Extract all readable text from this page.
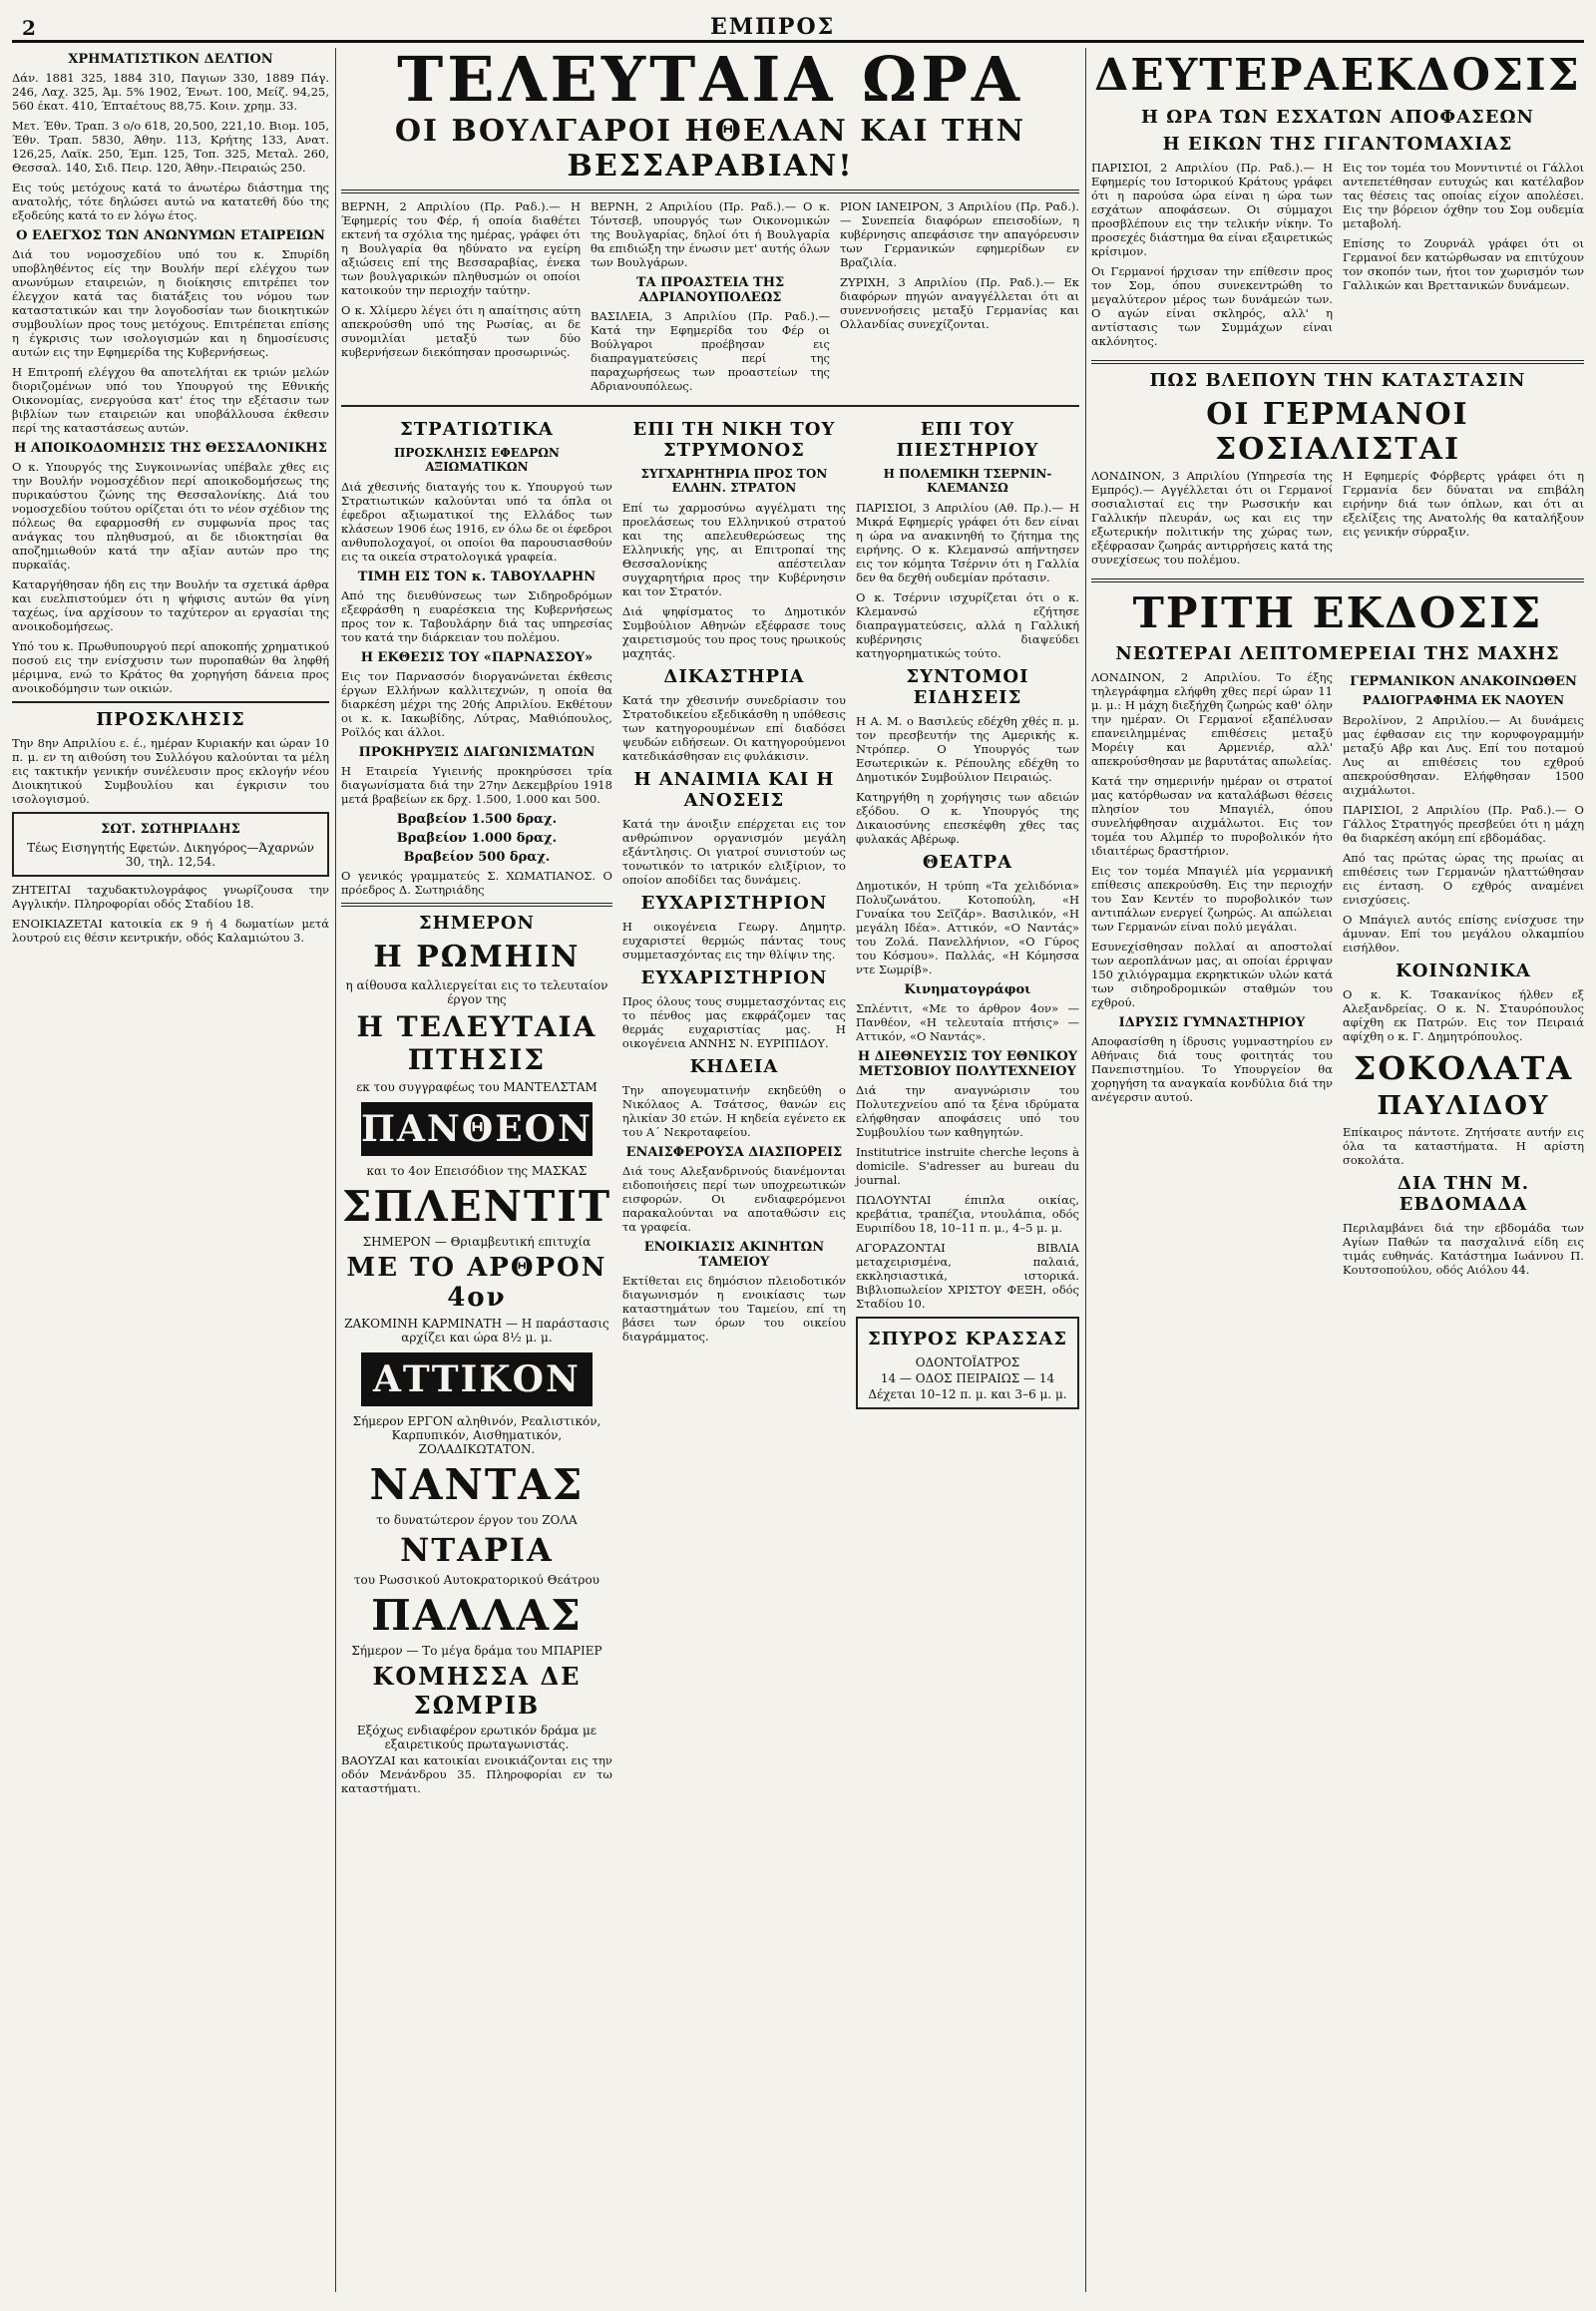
2	ΕΜΠΡΟΣ
ΧΡΗΜΑΤΙΣΤΙΚΟΝ ΔΕΛΤΙΟΝ

Δάν. 1881 325, 1884 310, Παγιων 330, 1889 Πάγ. 246, Λαχ. 325, Άμ. 5% 1902, Ένωτ. 100, Μείζ. 94,25, 560 έκατ. 410, Έπταέτους 88,75. Κοιν. χρημ. 33.

Μετ. Έθν. Τραπ. 3 ο/ο 618, 20,500, 221,10. Βιομ. 105, Έθν. Τραπ. 5830, Άθην. 113, Κρήτης 133, Ανατ. 126,25, Λαϊκ. 250, Έμπ. 125, Τοπ. 325, Μεταλ. 260, Θεσσαλ. 140, Σιδ. Πειρ. 120, Άθην.-Πειραιώς 250.

Εις τούς μετόχους κατά το άνωτέρω διάστημα της ανατολής, τότε δηλώσει αυτώ να κατατεθή δύο της εξοδεύης κατά το εν λόγω έτος.

Ο ΕΛΕΓΧΟΣ ΤΩΝ ΑΝΩΝΥΜΩΝ ΕΤΑΙΡΕΙΩΝ

Διά του νομοσχεδίου υπό του κ. Σπυρίδη υποβληθέντος είς την Βουλήν περί ελέγχου των ανωνύμων εταιρειών, η διοίκησις επιτρέπει τον έλεγχον κατά τας διατάξεις του νόμου των καταστατικών και την λογοδοσίαν των διοικητικών συμβουλίων προς τους μετόχους. Επιτρέπεται επίσης η έγκρισις των ισολογισμών και η δημοσίευσις αυτών εις την Εφημερίδα της Κυβερνήσεως.

Η Επιτροπή ελέγχου θα αποτελήται εκ τριών μελών διοριζομένων υπό του Υπουργού της Εθνικής Οικονομίας, ενεργούσα κατ' έτος την εξέτασιν των βιβλίων των εταιρειών και υποβάλλουσα έκθεσιν περί της καταστάσεως αυτών.

Η ΑΠΟΙΚΟΔΟΜΗΣΙΣ ΤΗΣ ΘΕΣΣΑΛΟΝΙΚΗΣ

Ο κ. Υπουργός της Συγκοινωνίας υπέβαλε χθες εις την Βουλήν νομοσχέδιον περί αποικοδομήσεως της πυρικαύστου ζώνης της Θεσσαλονίκης. Διά του νομοσχεδίου τούτου ορίζεται ότι το νέον σχέδιον της πόλεως θα εφαρμοσθή εν συμφωνία προς τας ανάγκας του πληθυσμού, αι δε ιδιοκτησίαι θα αποζημιωθούν κατά την αξίαν αυτών προ της πυρκαϊάς.

Καταργήθησαν ήδη εις την Βουλήν τα σχετικά άρθρα και ευελπιστούμεν ότι η ψήφισις αυτών θα γίνη ταχέως, ίνα αρχίσουν το ταχύτερον αι εργασίαι της ανοικοδομήσεως.

Υπό του κ. Πρωθυπουργού περί αποκοπής χρηματικού ποσού εις την ενίσχυσιν των πυροπαθών θα ληφθή μέριμνα, ενώ το Κράτος θα χορηγήση δάνεια προς ανοικοδόμησιν των οικιών.

ΠΡΟΣΚΛΗΣΙΣ

Την 8ην Απριλίου ε. έ., ημέραν Κυριακήν και ώραν 10 π. μ. εν τη αιθούση του Συλλόγου καλούνται τα μέλη εις τακτικήν γενικήν συνέλευσιν προς εκλογήν νέου Διοικητικού Συμβουλίου και έγκρισιν του ισολογισμού.

ΣΩΤ. ΣΩΤΗΡΙΑΔΗΣ
Τέως Εισηγητής Εφετών. Δικηγόρος—Άχαρνών 30, τηλ. 12,54.

ΖΗΤΕΙΤΑΙ ταχυδακτυλογράφος γνωρίζουσα την Αγγλικήν. Πληροφορίαι οδός Σταδίου 18.

ΕΝΟΙΚΙΑΖΕΤΑΙ κατοικία εκ 9 ή 4 δωματίων μετά λουτρού εις θέσιν κεντρικήν, οδός Καλαμιώτου 3.

ΤΕΛΕΥΤΑΙΑ ΩΡΑ
ΟΙ ΒΟΥΛΓΑΡΟΙ ΗΘΕΛΑΝ ΚΑΙ ΤΗΝ ΒΕΣΣΑΡΑΒΙΑΝ!

ΒΕΡΝΗ, 2 Απριλίου (Πρ. Ραδ.).— Η Έφημερίς του Φέρ, ή οποία διαθέτει εκτενή τα σχόλια της ημέρας, γράφει ότι η Βουλγαρία θα ηδύνατο να εγείρη αξιώσεις επί της Βεσσαραβίας, ένεκα των βουλγαρικών πληθυσμών οι οποίοι κατοικούν την περιοχήν ταύτην.

Ο κ. Χλίμερυ λέγει ότι η απαίτησις αύτη απεκρούσθη υπό της Ρωσίας, αι δε συνομιλίαι μεταξύ των δύο κυβερνήσεων διεκόπησαν προσωρινώς.

ΒΕΡΝΗ, 2 Απριλίου (Πρ. Ραδ.).— Ο κ. Τόντσεβ, υπουργός των Οικονομικών της Βουλγαρίας, δηλοί ότι ή Βουλγαρία θα επιδιώξη την ένωσιν μετ' αυτής όλων των Βουλγάρων.

ΤΑ ΠΡΟΑΣΤΕΙΑ ΤΗΣ ΑΔΡΙΑΝΟΥΠΟΛΕΩΣ

ΒΑΣΙΛΕΙΑ, 3 Απριλίου (Πρ. Ραδ.).— Κατά την Εφημερίδα του Φέρ οι Βούλγαροι προέβησαν εις διαπραγματεύσεις περί της παραχωρήσεως των προαστείων της Αδριανουπόλεως.

ΡΙΟΝ ΙΑΝΕΙΡΟΝ, 3 Απριλίου (Πρ. Ραδ.).— Συνεπεία διαφόρων επεισοδίων, η κυβέρνησις απεφάσισε την απαγόρευσιν των Γερμανικών εφημερίδων εν Βραζιλία.

ΖΥΡΙΧΗ, 3 Απριλίου (Πρ. Ραδ.).— Εκ διαφόρων πηγών αναγγέλλεται ότι αι συνεννοήσεις μεταξύ Γερμανίας και Ολλανδίας συνεχίζονται.

ΣΤΡΑΤΙΩΤΙΚΑ
ΠΡΟΣΚΛΗΣΙΣ ΕΦΕΔΡΩΝ ΑΞΙΩΜΑΤΙΚΩΝ

Διά χθεσινής διαταγής του κ. Υπουργού των Στρατιωτικών καλούνται υπό τα όπλα οι έφεδροι αξιωματικοί της Ελλάδος των κλάσεων 1906 έως 1916, εν όλω δε οι έφεδροι ανθυπολοχαγοί, οι οποίοι θα παρουσιασθούν εις τα οικεία στρατολογικά γραφεία.

ΤΙΜΗ ΕΙΣ ΤΟΝ κ. ΤΑΒΟΥΛΑΡΗΝ

Από της διευθύνσεως των Σιδηροδρόμων εξεφράσθη η ευαρέσκεια της Κυβερνήσεως προς τον κ. Ταβουλάρην διά τας υπηρεσίας του κατά την διάρκειαν του πολέμου.

Η ΕΚΘΕΣΙΣ ΤΟΥ «ΠΑΡΝΑΣΣΟΥ»

Εις τον Παρνασσόν διοργανώνεται έκθεσις έργων Ελλήνων καλλιτεχνών, η οποία θα διαρκέση μέχρι της 20ής Απριλίου. Εκθέτουν οι κ. κ. Ιακωβίδης, Λύτρας, Μαθιόπουλος, Ροϊλός και άλλοι.

ΠΡΟΚΗΡΥΞΙΣ ΔΙΑΓΩΝΙΣΜΑΤΩΝ

Η Εταιρεία Υγιεινής προκηρύσσει τρία διαγωνίσματα διά την 27ην Δεκεμβρίου 1918 μετά βραβείων εκ δρχ. 1.500, 1.000 και 500.

Βραβείον 1.500 δραχ.
Βραβείον 1.000 δραχ.
Βραβείον 500 δραχ.

Ο γενικός γραμματεύς Σ. ΧΩΜΑΤΙΑΝΟΣ. Ο πρόεδρος Δ. Σωτηριάδης

ΣΗΜΕΡΟΝ
Η ΡΩΜΗΙΝ
η αίθουσα καλλιεργείται εις το τελευταίον έργον της
Η ΤΕΛΕΥΤΑΙΑ ΠΤΗΣΙΣ
εκ του συγγραφέως του ΜΑΝΤΕΛΣΤΑΜ
ΠΑΝΘΕΟΝ
και το 4ον Επεισόδιον της ΜΑΣΚΑΣ
ΣΠΛΕΝΤΙΤ
ΣΗΜΕΡΟΝ — Θριαμβευτική επιτυχία
ΜΕ ΤΟ ΑΡΘΡΟΝ 4ον
ΖΑΚΟΜΙΝΗ ΚΑΡΜΙΝΑΤΗ — Η παράστασις αρχίζει και ώρα 8½ μ. μ.
ΑΤΤΙΚΟΝ
Σήμερον ΕΡΓΟΝ αληθινόν, Ρεαλιστικόν, Καρπυπικόν, Αισθηματικόν, ΖΟΛΑΔΙΚΩΤΑΤΟΝ.
ΝΑΝΤΑΣ
το δυνατώτερον έργον του ΖΟΛΑ
ΝΤΑΡΙΑ
του Ρωσσικού Αυτοκρατορικού Θεάτρου
ΠΑΛΛΑΣ
Σήμερον — Το μέγα δράμα του ΜΠΑΡΙΕΡ
ΚΟΜΗΣΣΑ ΔΕ ΣΩΜΡΙΒ
Εξόχως ενδιαφέρον ερωτικόν δράμα με εξαιρετικούς πρωταγωνιστάς.

ΒΑΟΥΖΑΙ και κατοικίαι ενοικιάζονται εις την οδόν Μενάνδρου 35. Πληροφορίαι εν τω καταστήματι.

ΕΠΙ ΤΗ ΝΙΚΗ ΤΟΥ ΣΤΡΥΜΟΝΟΣ
ΣΥΓΧΑΡΗΤΗΡΙΑ ΠΡΟΣ ΤΟΝ ΕΛΛΗΝ. ΣΤΡΑΤΟΝ

Επί τω χαρμοσύνω αγγέλματι της προελάσεως του Ελληνικού στρατού και της απελευθερώσεως της Ελληνικής γης, αι Επιτροπαί της Θεσσαλονίκης απέστειλαν συγχαρητήρια προς την Κυβέρνησιν και τον Στρατόν.

Διά ψηφίσματος το Δημοτικόν Συμβούλιον Αθηνών εξέφρασε τους χαιρετισμούς του προς τους ηρωικούς μαχητάς.

ΔΙΚΑΣΤΗΡΙΑ

Κατά την χθεσινήν συνεδρίασιν του Στρατοδικείου εξεδικάσθη η υπόθεσις των κατηγορουμένων επί διαδόσει ψευδών ειδήσεων. Οι κατηγορούμενοι κατεδικάσθησαν εις φυλάκισιν.

Η ΑΝΑΙΜΙΑ ΚΑΙ Η ΑΝΟΣΕΙΣ

Κατά την άνοιξιν επέρχεται εις τον ανθρώπινον οργανισμόν μεγάλη εξάντλησις. Οι γιατροί συνιστούν ως τονωτικόν το ιατρικόν ελιξίριον, το οποίον αποδίδει τας δυνάμεις.

ΕΥΧΑΡΙΣΤΗΡΙΟΝ

Η οικογένεια Γεωργ. Δημητρ. ευχαριστεί θερμώς πάντας τους συμμετασχόντας εις την θλίψιν της.

ΕΥΧΑΡΙΣΤΗΡΙΟΝ

Προς όλους τους συμμετασχόντας εις το πένθος μας εκφράζομεν τας θερμάς ευχαριστίας μας. Η οικογένεια ΑΝΝΗΣ Ν. ΕΥΡΙΠΙΔΟΥ.

ΚΗΔΕΙΑ

Την απογευματινήν εκηδεύθη ο Νικόλαος Α. Τσάτσος, θανών εις ηλικίαν 30 ετών. Η κηδεία εγένετο εκ του Α΄ Νεκροταφείου.

ΕΝΑΙΣΦΕΡΟΥΣΑ ΔΙΑΣΠΟΡΕΙΣ

Διά τους Αλεξανδρινούς διανέμονται ειδοποιήσεις περί των υποχρεωτικών εισφορών. Οι ενδιαφερόμενοι παρακαλούνται να αποταθώσιν εις τα γραφεία.

ΕΝΟΙΚΙΑΣΙΣ ΑΚΙΝΗΤΩΝ ΤΑΜΕΙΟΥ

Εκτίθεται εις δημόσιον πλειοδοτικόν διαγωνισμόν η ενοικίασις των καταστημάτων του Ταμείου, επί τη βάσει των όρων του οικείου διαγράμματος.

ΕΠΙ ΤΟΥ ΠΙΕΣΤΗΡΙΟΥ
Η ΠΟΛΕΜΙΚΗ ΤΣΕΡΝΙΝ-ΚΛΕΜΑΝΣΩ

ΠΑΡΙΣΙΟΙ, 3 Απριλίου (Αθ. Πρ.).— Η Μικρά Εφημερίς γράφει ότι δεν είναι η ώρα να ανακινηθή το ζήτημα της ειρήνης. Ο κ. Κλεμανσώ απήντησεν εις τον κόμητα Τσέρνιν ότι η Γαλλία δεν θα δεχθή ουδεμίαν πρότασιν.

Ο κ. Τσέρνιν ισχυρίζεται ότι ο κ. Κλεμανσώ εζήτησε διαπραγματεύσεις, αλλά η Γαλλική κυβέρνησις διαψεύδει κατηγορηματικώς τούτο.

ΣΥΝΤΟΜΟΙ ΕΙΔΗΣΕΙΣ

Η Α. Μ. ο Βασιλεύς εδέχθη χθές π. μ. τον πρεσβευτήν της Αμερικής κ. Ντρόπερ. Ο Υπουργός των Εσωτερικών κ. Ρέπουλης εδέχθη το Δημοτικόν Συμβούλιον Πειραιώς.

Κατηργήθη η χορήγησις των αδειών εξόδου. Ο κ. Υπουργός της Δικαιοσύνης επεσκέφθη χθες τας φυλακάς Αβέρωφ.

ΘΕΑΤΡΑ

Δημοτικόν, Η τρύπη «Τα χελιδόνια» Πολυζωνάτου. Κοτοπούλη, «Η Γυναίκα του Σεϊζάρ». Βασιλικόν, «Η μεγάλη Ιδέα». Αττικόν, «Ο Ναντάς» του Ζολά. Πανελλήνιον, «Ο Γύρος του Κόσμου». Παλλάς, «Η Κόμησσα ντε Σωμρίβ».

Κινηματογράφοι

Σπλέντιτ, «Με το άρθρον 4ον» — Πανθέον, «Η τελευταία πτήσις» — Αττικόν, «Ο Ναντάς».

Η ΔΙΕΘΝΕΥΣΙΣ ΤΟΥ ΕΘΝΙΚΟΥ ΜΕΤΣΟΒΙΟΥ ΠΟΛΥΤΕΧΝΕΙΟΥ

Διά την αναγνώρισιν του Πολυτεχνείου από τα ξένα ιδρύματα ελήφθησαν αποφάσεις υπό του Συμβουλίου των καθηγητών.

Institutrice instruite cherche leçons à domicile. S'adresser au bureau du journal.

ΠΩΛΟΥΝΤΑΙ έπιπλα οικίας, κρεβάτια, τραπέζια, ντουλάπια, οδός Ευριπίδου 18, 10–11 π. μ., 4–5 μ. μ.

ΑΓΟΡΑΖΟΝΤΑΙ ΒΙΒΛΙΑ μεταχειρισμένα, παλαιά, εκκλησιαστικά, ιστορικά. Βιβλιοπωλείον ΧΡΙΣΤΟΥ ΦΕΞΗ, οδός Σταδίου 10.

ΣΠΥΡΟΣ ΚΡΑΣΣΑΣ
ΟΔΟΝΤΟΪΑΤΡΟΣ
14 — ΟΔΟΣ ΠΕΙΡΑΙΩΣ — 14
Δέχεται 10–12 π. μ. και 3–6 μ. μ.
ΔΕΥΤΕΡΑΕΚΔΟΣΙΣ
Η ΩΡΑ ΤΩΝ ΕΣΧΑΤΩΝ ΑΠΟΦΑΣΕΩΝ
Η ΕΙΚΩΝ ΤΗΣ ΓΙΓΑΝΤΟΜΑΧΙΑΣ

ΠΑΡΙΣΙΟΙ, 2 Απριλίου (Πρ. Ραδ.).— Η Εφημερίς του Ιστορικού Κράτους γράφει ότι η παρούσα ώρα είναι η ώρα των εσχάτων αποφάσεων. Οι σύμμαχοι προσβλέπουν εις την τελικήν νίκην. Το προσεχές διάστημα θα είναι εξαιρετικώς κρίσιμον.

Οι Γερμανοί ήρχισαν την επίθεσιν προς τον Σομ, όπου συνεκεντρώθη το μεγαλύτερον μέρος των δυνάμεών των. Ο αγών είναι σκληρός, αλλ' η αντίστασις των Συμμάχων είναι ακλόνητος.

Εις τον τομέα του Μονντιντιέ οι Γάλλοι αντεπετέθησαν ευτυχώς και κατέλαβον τας θέσεις τας οποίας είχον απολέσει. Εις την βόρειον όχθην του Σομ ουδεμία μεταβολή.

Επίσης το Ζουρνάλ γράφει ότι οι Γερμανοί δεν κατώρθωσαν να επιτύχουν τον σκοπόν των, ήτοι τον χωρισμόν των Γαλλικών και Βρεττανικών δυνάμεων.

ΠΩΣ ΒΛΕΠΟΥΝ ΤΗΝ ΚΑΤΑΣΤΑΣΙΝ
ΟΙ ΓΕΡΜΑΝΟΙ ΣΟΣΙΑΛΙΣΤΑΙ

ΛΟΝΔΙΝΟΝ, 3 Απριλίου (Υπηρεσία της Εμπρός).— Αγγέλλεται ότι οι Γερμανοί σοσιαλισταί εις την Ρωσσικήν και Γαλλικήν πλευράν, ως και εις την εξωτερικήν πολιτικήν της χώρας των, εξέφρασαν ζωηράς αντιρρήσεις κατά της συνεχίσεως του πολέμου.

Η Εφημερίς Φόρβερτς γράφει ότι η Γερμανία δεν δύναται να επιβάλη ειρήνην διά των όπλων, και ότι αι εξελίξεις της Ανατολής θα καταλήξουν εις γενικήν σύρραξιν.

ΤΡΙΤΗ ΕΚΔΟΣΙΣ
ΝΕΩΤΕΡΑΙ ΛΕΠΤΟΜΕΡΕΙΑΙ ΤΗΣ ΜΑΧΗΣ

ΛΟΝΔΙΝΟΝ, 2 Απριλίου. Το έξης τηλεγράφημα ελήφθη χθες περί ώραν 11 μ. μ.: Η μάχη διεξήχθη ζωηρώς καθ' όλην την ημέραν. Οι Γερμανοί εξαπέλυσαν επανειλημμένας επιθέσεις μεταξύ Μορέιγ και Αρμενιέρ, αλλ' απεκρούσθησαν με βαρυτάτας απωλείας.

Κατά την σημερινήν ημέραν οι στρατοί μας κατόρθωσαν να καταλάβωσι θέσεις πλησίον του Μπαγιέλ, όπου συνελήφθησαν αιχμάλωτοι. Εις τον τομέα του Αλμπέρ το πυροβολικόν ήτο ιδιαιτέρως δραστήριον.

Εις τον τομέα Μπαγιέλ μία γερμανική επίθεσις απεκρούσθη. Εις την περιοχήν του Σαν Κεντέν το πυροβολικόν των αντιπάλων ενεργεί ζωηρώς. Αι απώλειαι των Γερμανών είναι πολύ μεγάλαι.

Εσυνεχίσθησαν πολλαί αι αποστολαί των αεροπλάνων μας, αι οποίαι έρριψαν 150 χιλιόγραμμα εκρηκτικών υλών κατά των σιδηροδρομικών σταθμών του εχθρού.

ΙΔΡΥΣΙΣ ΓΥΜΝΑΣΤΗΡΙΟΥ

Αποφασίσθη η ίδρυσις γυμναστηρίου εν Αθήναις διά τους φοιτητάς του Πανεπιστημίου. Το Υπουργείον θα χορηγήση τα αναγκαία κονδύλια διά την ανέγερσιν αυτού.

ΓΕΡΜΑΝΙΚΟΝ ΑΝΑΚΟΙΝΩΘΕΝ
ΡΑΔΙΟΓΡΑΦΗΜΑ ΕΚ ΝΑΟΥΕΝ

Βερολίνον, 2 Απριλίου.— Αι δυνάμεις μας έφθασαν εις την κορυφογραμμήν μεταξύ Αβρ και Λυς. Επί του ποταμού Λυς αι επιθέσεις του εχθρού απεκρούσθησαν. Ελήφθησαν 1500 αιχμάλωτοι.

ΠΑΡΙΣΙΟΙ, 2 Απριλίου (Πρ. Ραδ.).— Ο Γάλλος Στρατηγός πρεσβεύει ότι η μάχη θα διαρκέση ακόμη επί εβδομάδας.

Από τας πρώτας ώρας της πρωίας αι επιθέσεις των Γερμανών ηλαττώθησαν εις ένταση. Ο εχθρός αναμένει ενισχύσεις.

Ο Μπάγιελ αυτός επίσης ενίσχυσε την άμυναν. Επί του μεγάλου ολκαμπίου εισήλθον.

ΚΟΙΝΩΝΙΚΑ

Ο κ. Κ. Τσακανίκος ήλθεν εξ Αλεξανδρείας. Ο κ. Ν. Σταυρόπουλος αφίχθη εκ Πατρών. Εις τον Πειραιά αφίχθη ο κ. Γ. Δημητρόπουλος.

ΣΟΚΟΛΑΤΑ
ΠΑΥΛΙΔΟΥ

Επίκαιρος πάντοτε. Ζητήσατε αυτήν εις όλα τα καταστήματα. Η αρίστη σοκολάτα.

ΔΙΑ ΤΗΝ Μ. ΕΒΔΟΜΑΔΑ

Περιλαμβάνει διά την εβδομάδα των Αγίων Παθών τα πασχαλινά είδη εις τιμάς ευθηνάς. Κατάστημα Ιωάννου Π. Κουτσοπούλου, οδός Αιόλου 44.
